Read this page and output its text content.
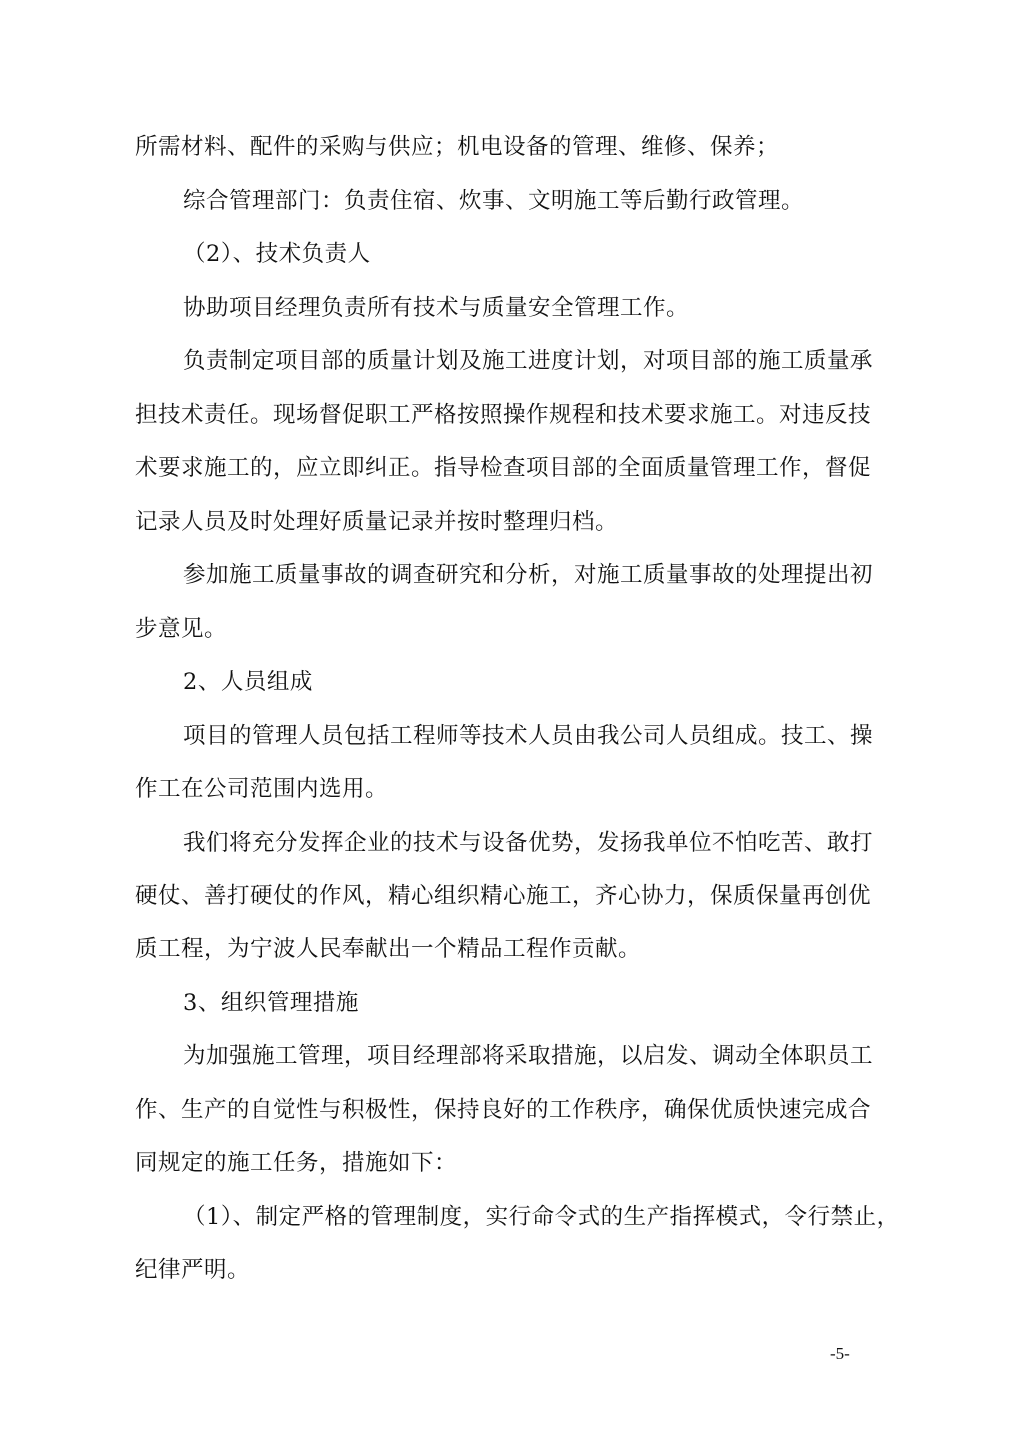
所需材料、配件的采购与供应；机电设备的管理、维修、保养；
综合管理部门：负责住宿、炊事、文明施工等后勤行政管理。
（2）、技术负责人
协助项目经理负责所有技术与质量安全管理工作。
负责制定项目部的质量计划及施工进度计划，对项目部的施工质量承
担技术责任。现场督促职工严格按照操作规程和技术要求施工。对违反技
术要求施工的，应立即纠正。指导检查项目部的全面质量管理工作，督促
记录人员及时处理好质量记录并按时整理归档。
参加施工质量事故的调查研究和分析，对施工质量事故的处理提出初
步意见。
2、人员组成
项目的管理人员包括工程师等技术人员由我公司人员组成。技工、操
作工在公司范围内选用。
我们将充分发挥企业的技术与设备优势，发扬我单位不怕吃苦、敢打
硬仗、善打硬仗的作风，精心组织精心施工，齐心协力，保质保量再创优
质工程，为宁波人民奉献出一个精品工程作贡献。
3、组织管理措施
为加强施工管理，项目经理部将采取措施，以启发、调动全体职员工
作、生产的自觉性与积极性，保持良好的工作秩序，确保优质快速完成合
同规定的施工任务，措施如下：
（1）、制定严格的管理制度，实行命令式的生产指挥模式，令行禁止，
纪律严明。
-5-
